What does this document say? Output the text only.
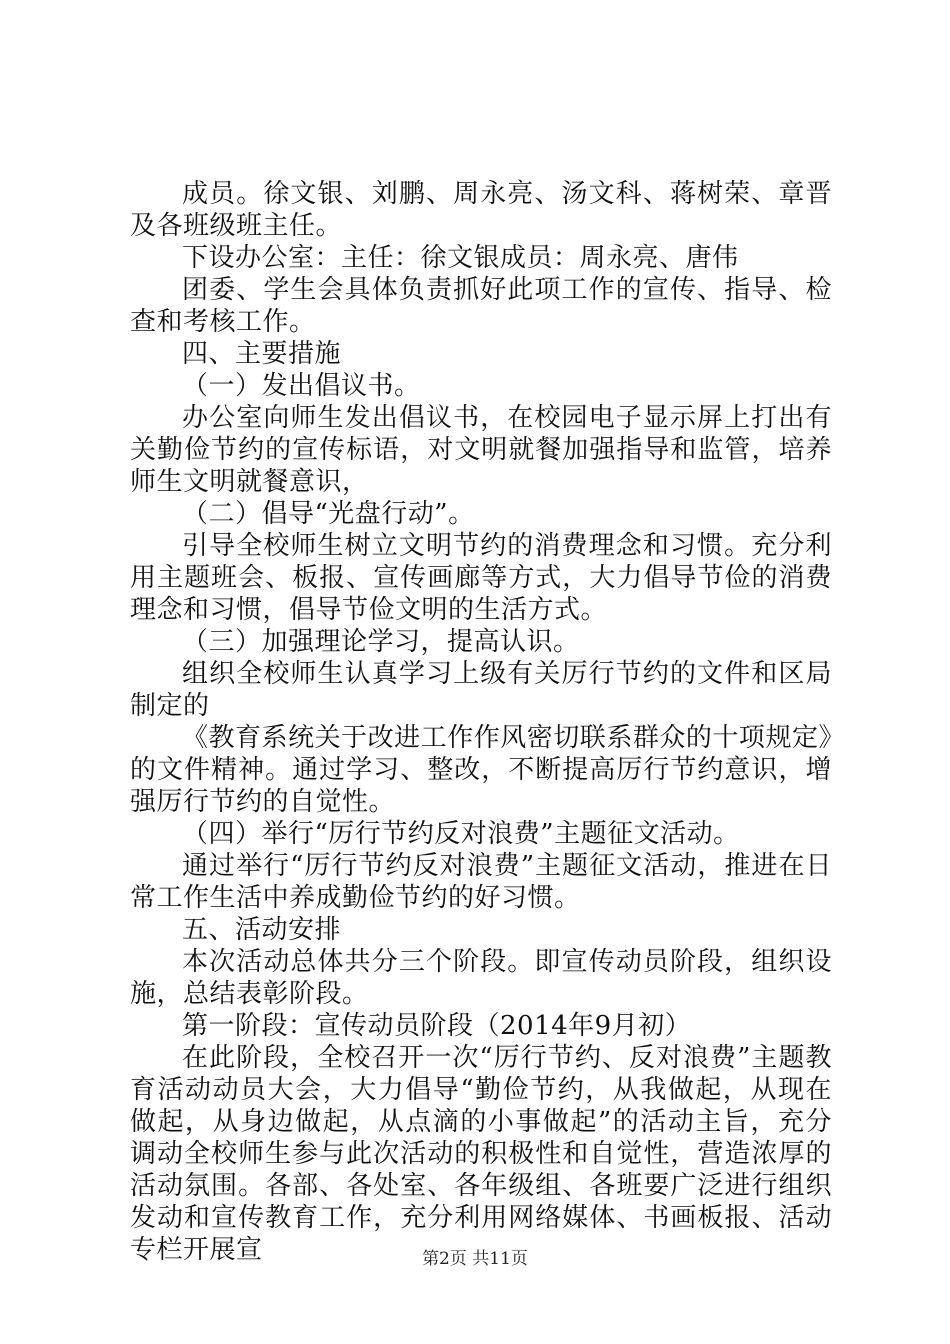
成员。徐文银、刘鹏、周永亮、汤文科、蒋树荣、章晋及各班级班主任。

下设办公室：主任：徐文银成员：周永亮、唐伟

团委、学生会具体负责抓好此项工作的宣传、指导、检查和考核工作。

四、主要措施

（一）发出倡议书。

办公室向师生发出倡议书，在校园电子显示屏上打出有关勤俭节约的宣传标语，对文明就餐加强指导和监管，培养师生文明就餐意识，

（二）倡导“光盘行动”。

引导全校师生树立文明节约的消费理念和习惯。充分利用主题班会、板报、宣传画廊等方式，大力倡导节俭的消费理念和习惯，倡导节俭文明的生活方式。

（三）加强理论学习，提高认识。

组织全校师生认真学习上级有关厉行节约的文件和区局制定的

《教育系统关于改进工作作风密切联系群众的十项规定》的文件精神。通过学习、整改，不断提高厉行节约意识，增强厉行节约的自觉性。

（四）举行“厉行节约反对浪费”主题征文活动。

通过举行“厉行节约反对浪费”主题征文活动，推进在日常工作生活中养成勤俭节约的好习惯。

五、活动安排

本次活动总体共分三个阶段。即宣传动员阶段，组织设施，总结表彰阶段。

第一阶段：宣传动员阶段（2014年9月初）

在此阶段，全校召开一次“厉行节约、反对浪费”主题教育活动动员大会，大力倡导“勤俭节约，从我做起，从现在做起，从身边做起，从点滴的小事做起”的活动主旨，充分调动全校师生参与此次活动的积极性和自觉性，营造浓厚的活动氛围。各部、各处室、各年级组、各班要广泛进行组织发动和宣传教育工作，充分利用网络媒体、书画板报、活动专栏开展宣	第2页 共11页
